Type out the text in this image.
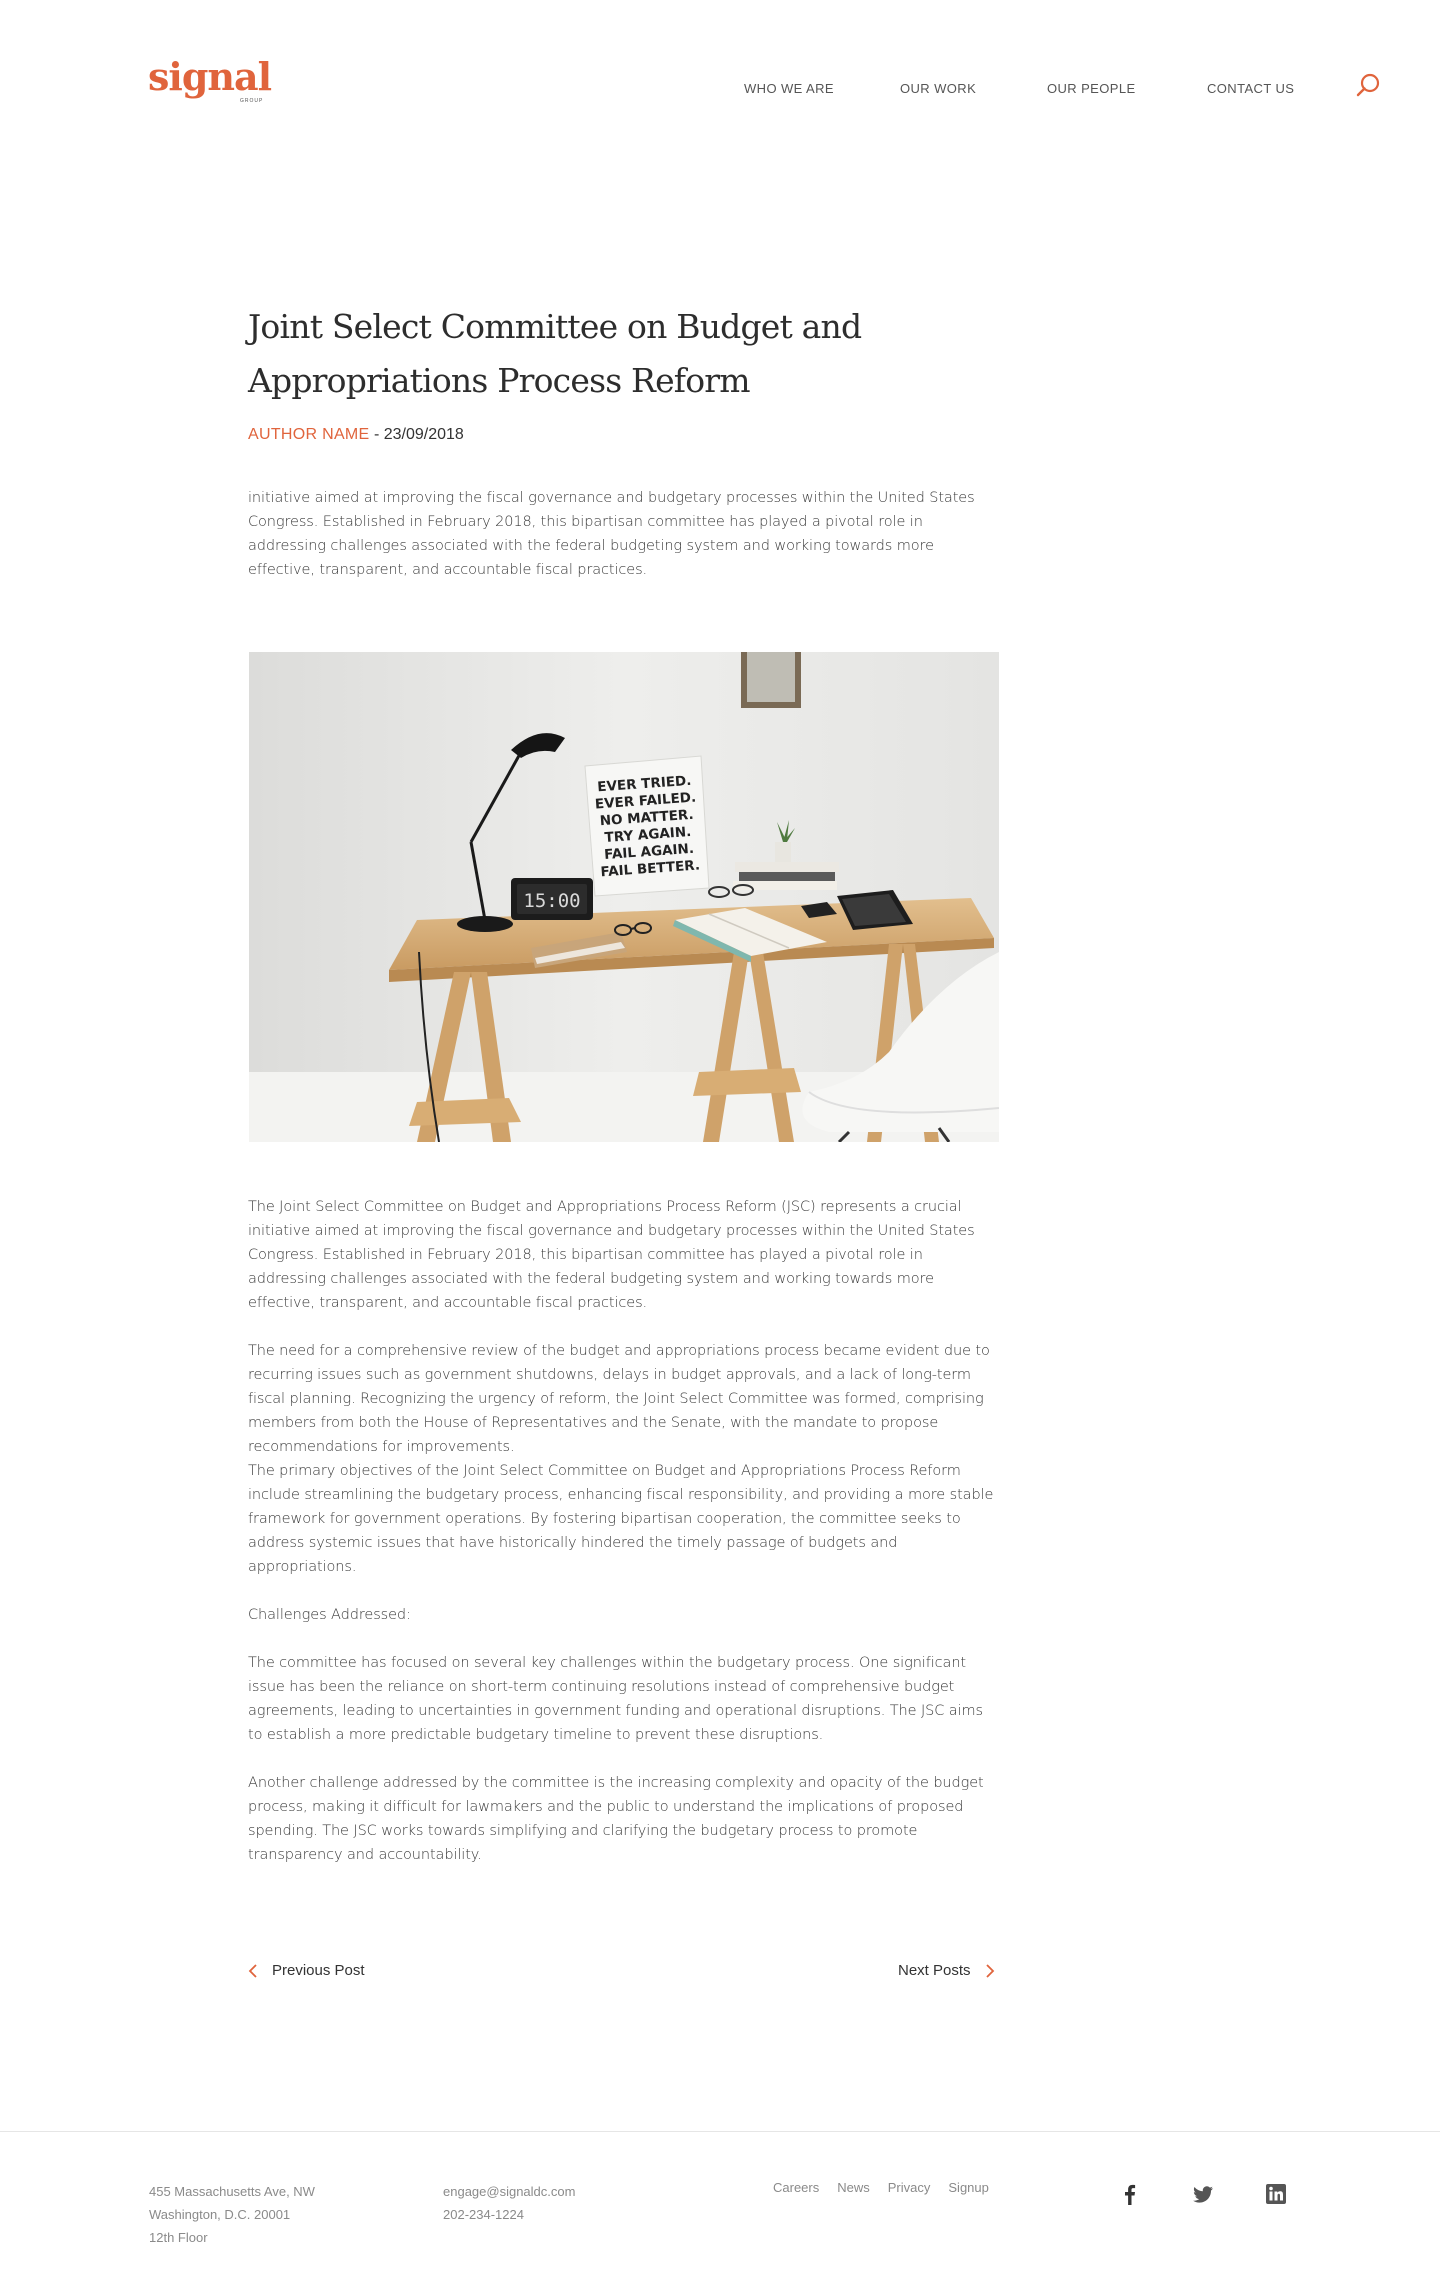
signal
GROUP
WHO WE ARE	OUR WORK	OUR PEOPLE	CONTACT US
Joint Select Committee on Budget and Appropriations Process Reform
AUTHOR NAME - 23/09/2018

initiative aimed at improving the fiscal governance and budgetary processes within the United States Congress. Established in February 2018, this bipartisan committee has played a pivotal role in addressing challenges associated with the federal budgeting system and working towards more effective, transparent, and accountable fiscal practices.

EVER TRIED.
EVER FAILED.
NO MATTER.
TRY AGAIN.
FAIL AGAIN.
FAIL BETTER.
15:00

The Joint Select Committee on Budget and Appropriations Process Reform (JSC) represents a crucial initiative aimed at improving the fiscal governance and budgetary processes within the United States Congress. Established in February 2018, this bipartisan committee has played a pivotal role in addressing challenges associated with the federal budgeting system and working towards more effective, transparent, and accountable fiscal practices.

The need for a comprehensive review of the budget and appropriations process became evident due to recurring issues such as government shutdowns, delays in budget approvals, and a lack of long-term fiscal planning. Recognizing the urgency of reform, the Joint Select Committee was formed, comprising members from both the House of Representatives and the Senate, with the mandate to propose recommendations for improvements.

The primary objectives of the Joint Select Committee on Budget and Appropriations Process Reform include streamlining the budgetary process, enhancing fiscal responsibility, and providing a more stable framework for government operations. By fostering bipartisan cooperation, the committee seeks to address systemic issues that have historically hindered the timely passage of budgets and appropriations.

Challenges Addressed:

The committee has focused on several key challenges within the budgetary process. One significant issue has been the reliance on short-term continuing resolutions instead of comprehensive budget agreements, leading to uncertainties in government funding and operational disruptions. The JSC aims to establish a more predictable budgetary timeline to prevent these disruptions.

Another challenge addressed by the committee is the increasing complexity and opacity of the budget process, making it difficult for lawmakers and the public to understand the implications of proposed spending. The JSC works towards simplifying and clarifying the budgetary process to promote transparency and accountability.

Previous Post	Next Posts
455 Massachusetts Ave, NW
Washington, D.C. 20001
12th Floor
engage@signaldc.com
202-234-1224
Careers News Privacy Signup
